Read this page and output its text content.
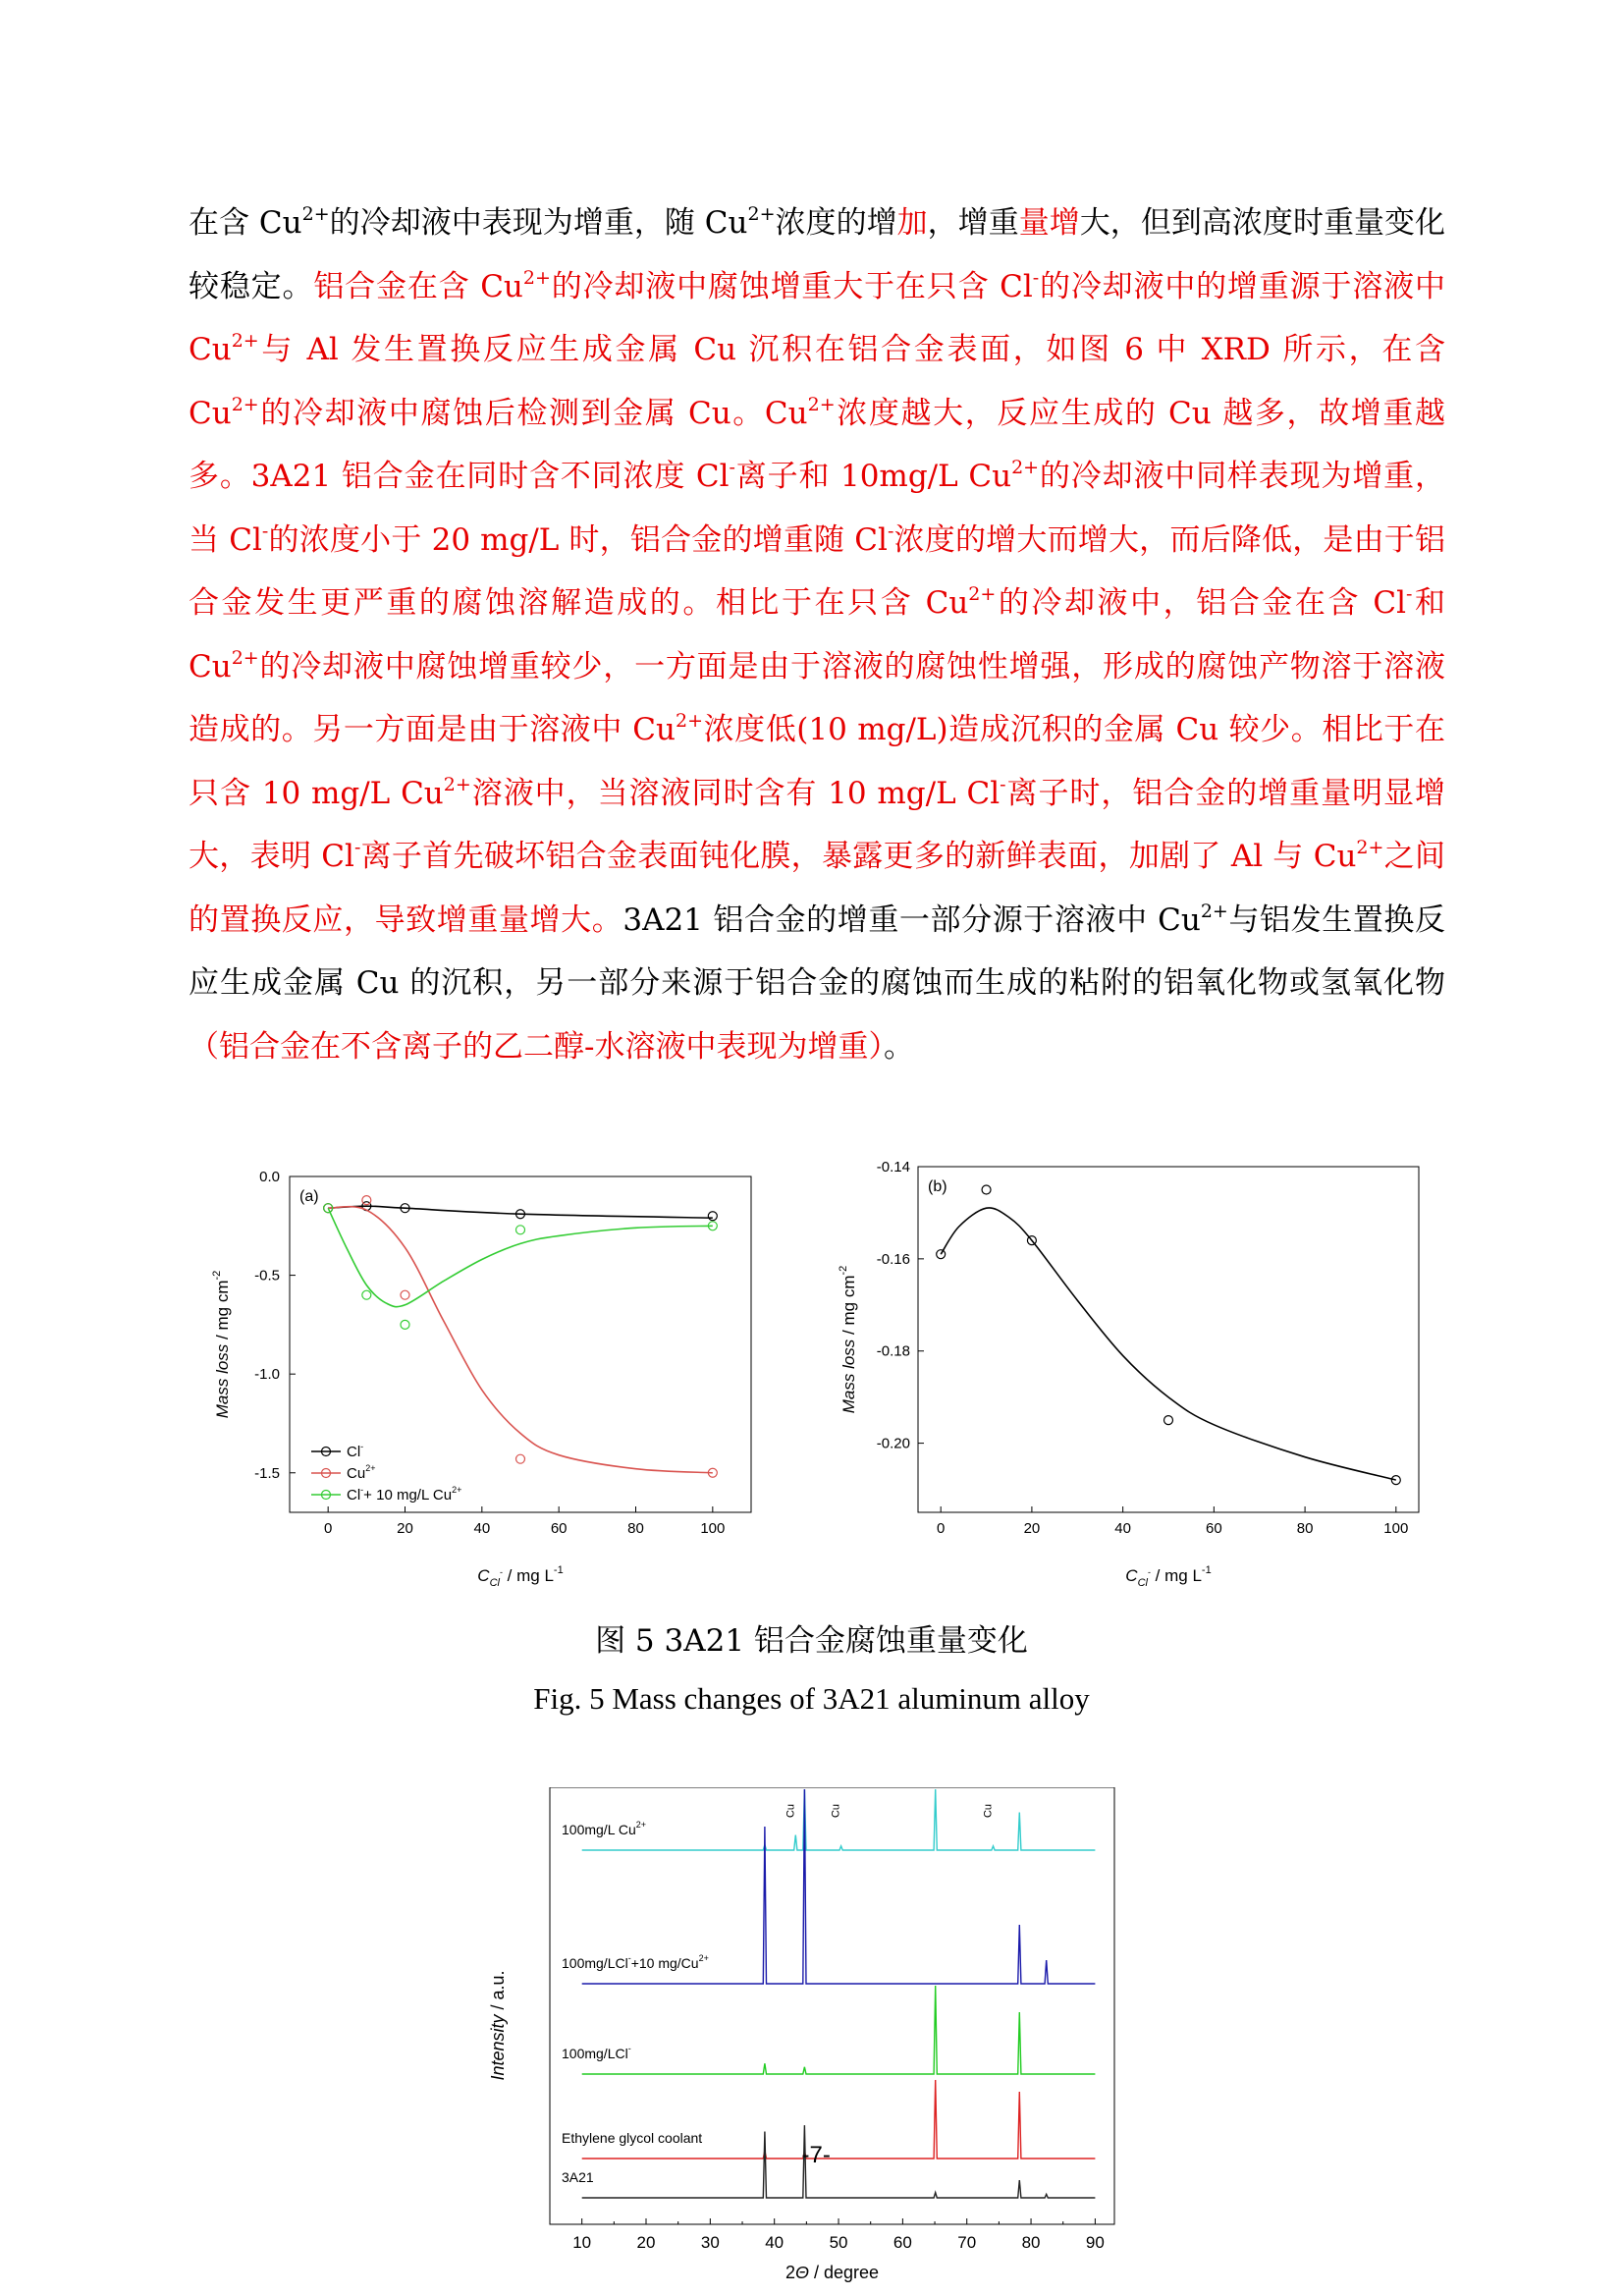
在含 $Cu^{2+}$的冷却液中表现为增重，随 $Cu^{2+}$浓度的增加，增重量增大，但到高浓度时重量变化较稳定。铝合金在含 $Cu^{2+}$的冷却液中腐蚀增重大于在只含 Cl-的冷却液中的增重源于溶液中 $Cu^{2+}$与 Al 发生置换反应生成金属 Cu 沉积在铝合金表面，如图 6 中 XRD 所示，在含 $Cu^{2+}$的冷却液中腐蚀后检测到金属 Cu。$Cu^{2+}$浓度越大，反应生成的 Cu 越多，故增重越多。3A21 铝合金在同时含不同浓度 Cl-离子和 10mg/L $Cu^{2+}$的冷却液中同样表现为增重，当 Cl-的浓度小于 20 mg/L 时，铝合金的增重随 Cl-浓度的增大而增大，而后降低，是由于铝合金发生更严重的腐蚀溶解造成的。相比于在只含 $Cu^{2+}$的冷却液中，铝合金在含 Cl-和 $Cu^{2+}$的冷却液中腐蚀增重较少，一方面是由于溶液的腐蚀性增强，形成的腐蚀产物溶于溶液造成的。另一方面是由于溶液中 $Cu^{2+}$浓度低(10 mg/L)造成沉积的金属 Cu 较少。相比于在只含 10 mg/L $Cu^{2+}$溶液中，当溶液同时含有 10 mg/L Cl-离子时，铝合金的增重量明显增大，表明 Cl-离子首先破坏铝合金表面钝化膜，暴露更多的新鲜表面，加剧了 Al 与 $Cu^{2+}$之间的置换反应，导致增重量增大。3A21 铝合金的增重一部分源于溶液中 $Cu^{2+}$与铝发生置换反应生成金属 Cu 的沉积，另一部分来源于铝合金的腐蚀而生成的粘附的铝氧化物或氢氧化物（铝合金在不含离子的乙二醇-水溶液中表现为增重）。
0	20	40	60	80	100
0.0
-0.5
-1.0
-1.5
(a)
Cl-
$Cu^{2+}$
Cl-+ 10 mg/L $Cu^{2+}$
$C_{Cl}^-$ / mg $L^{-1}$
Mass loss / mg $cm^{-2}$
0	20	40	60	80	100
-0.14
-0.16
-0.18
-0.20
(b)
$C_{Cl}^-$ / mg $L^{-1}$
Mass loss / mg $cm^{-2}$
图 5 3A21 铝合金腐蚀重量变化
Fig. 5 Mass changes of 3A21 aluminum alloy
10	20	30	40	50	60	70	80	90
100mg/L $Cu^{2+}$
Cu	Cu	Cu
100mg/LCl-+10 $mg/Cu^{2+}$
100mg/LCl-
Ethylene glycol coolant
3A21
2Θ / degree
Intensity / a.u.
-7-
